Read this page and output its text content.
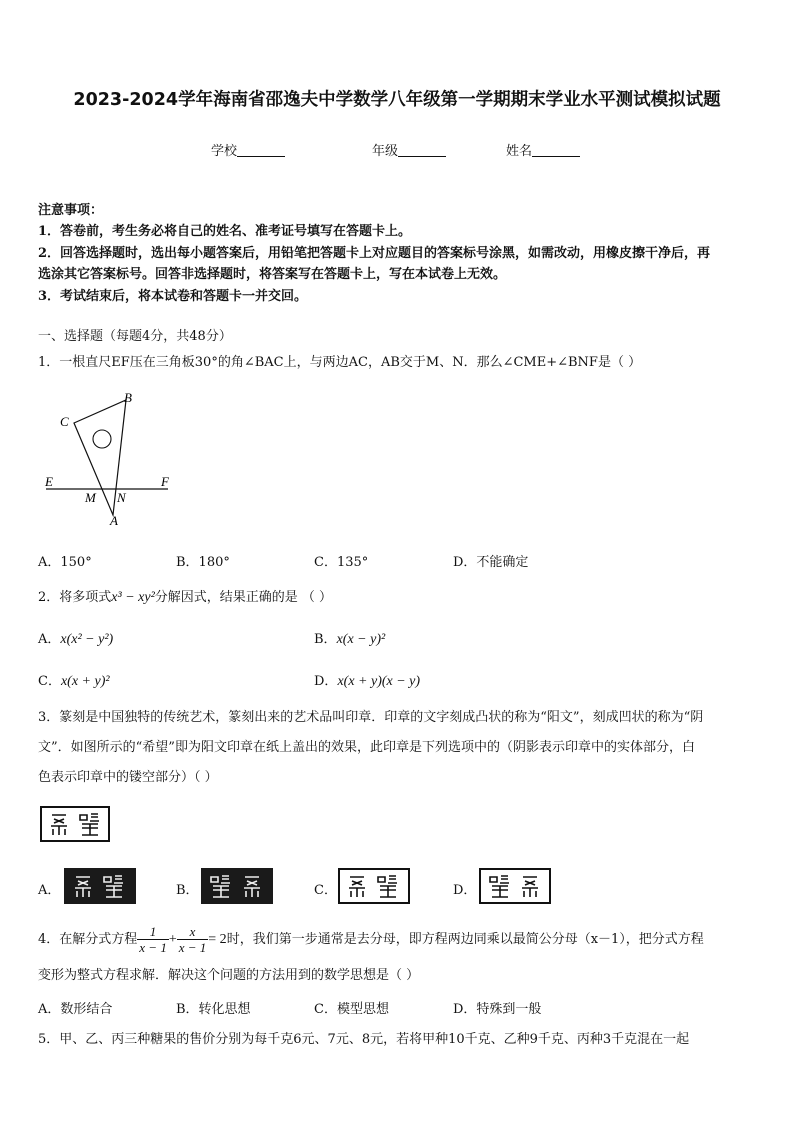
2023-2024学年海南省邵逸夫中学数学八年级第一学期期末学业水平测试模拟试题
学校	年级	姓名
注意事项：
1．答卷前，考生务必将自己的姓名、准考证号填写在答题卡上。
2．回答选择题时，选出每小题答案后，用铅笔把答题卡上对应题目的答案标号涂黑，如需改动，用橡皮擦干净后，再
选涂其它答案标号。回答非选择题时，将答案写在答题卡上，写在本试卷上无效。
3．考试结束后，将本试卷和答题卡一并交回。
一、选择题（每题4分，共48分）
1．一根直尺EF压在三角板30°的角∠BAC上，与两边AC，AB交于M、N．那么∠CME+∠BNF是（ ）
B
C
E	F
M N
A
A．150°	B．180°	C．135°	D．不能确定
2．将多项式x³ − xy²分解因式，结果正确的是 （ ）
A．x(x² − y²)	B．x(x − y)²
C．x(x + y)²	D．x(x + y)(x − y)
3．篆刻是中国独特的传统艺术，篆刻出来的艺术品叫印章．印章的文字刻成凸状的称为“阳文”，刻成凹状的称为“阴
文”．如图所示的“希望”即为阳文印章在纸上盖出的效果，此印章是下列选项中的（阴影表示印章中的实体部分，白
色表示印章中的镂空部分）（ ）
A．	B．	C．	D．
4．在解分式方程 $\frac{1}{x - 1} + \frac{x}{x - 1} = 2$ 时，我们第一步通常是去分母，即方程两边同乘以最简公分母（x－1），把分式方程
变形为整式方程求解．解决这个问题的方法用到的数学思想是（ ）
A．数形结合	B．转化思想	C．模型思想	D．特殊到一般
5．甲、乙、丙三种糖果的售价分别为每千克6元、7元、8元，若将甲种10千克、乙种9千克、丙种3千克混在一起
